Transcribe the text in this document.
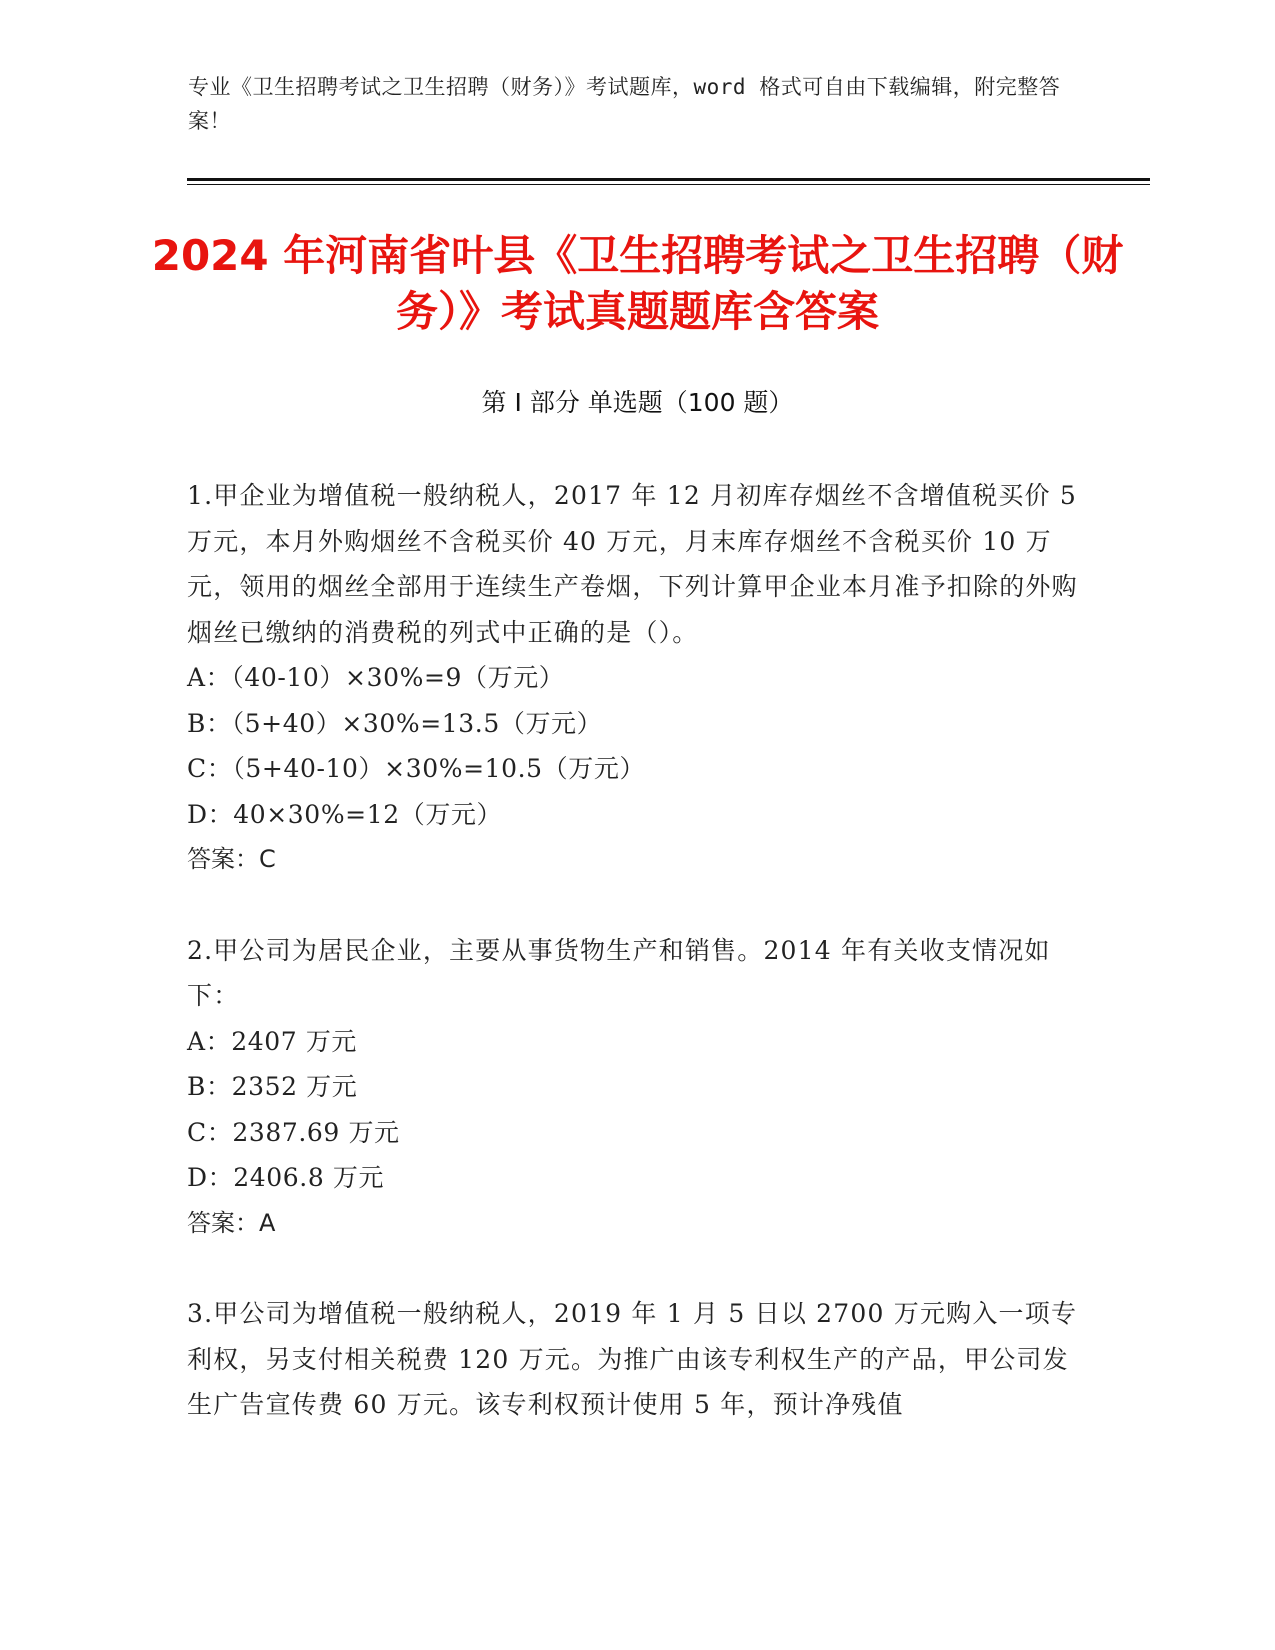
专业《卫生招聘考试之卫生招聘（财务）》考试题库，word 格式可自由下载编辑，附完整答案！
2024 年河南省叶县《卫生招聘考试之卫生招聘（财务）》考试真题题库含答案
第 I 部分 单选题（100 题）
1.甲企业为增值税一般纳税人，2017 年 12 月初库存烟丝不含增值税买价 5 万元，本月外购烟丝不含税买价 40 万元，月末库存烟丝不含税买价 10 万元，领用的烟丝全部用于连续生产卷烟，下列计算甲企业本月准予扣除的外购烟丝已缴纳的消费税的列式中正确的是（）。
A：（40-10）×30%=9（万元）
B：（5+40）×30%=13.5（万元）
C：（5+40-10）×30%=10.5（万元）
D：40×30%=12（万元）
答案：C
2.甲公司为居民企业，主要从事货物生产和销售。2014 年有关收支情况如下：
A：2407 万元
B：2352 万元
C：2387.69 万元
D：2406.8 万元
答案：A
3.甲公司为增值税一般纳税人，2019 年 1 月 5 日以 2700 万元购入一项专利权，另支付相关税费 120 万元。为推广由该专利权生产的产品，甲公司发生广告宣传费 60 万元。该专利权预计使用 5 年，预计净残值
